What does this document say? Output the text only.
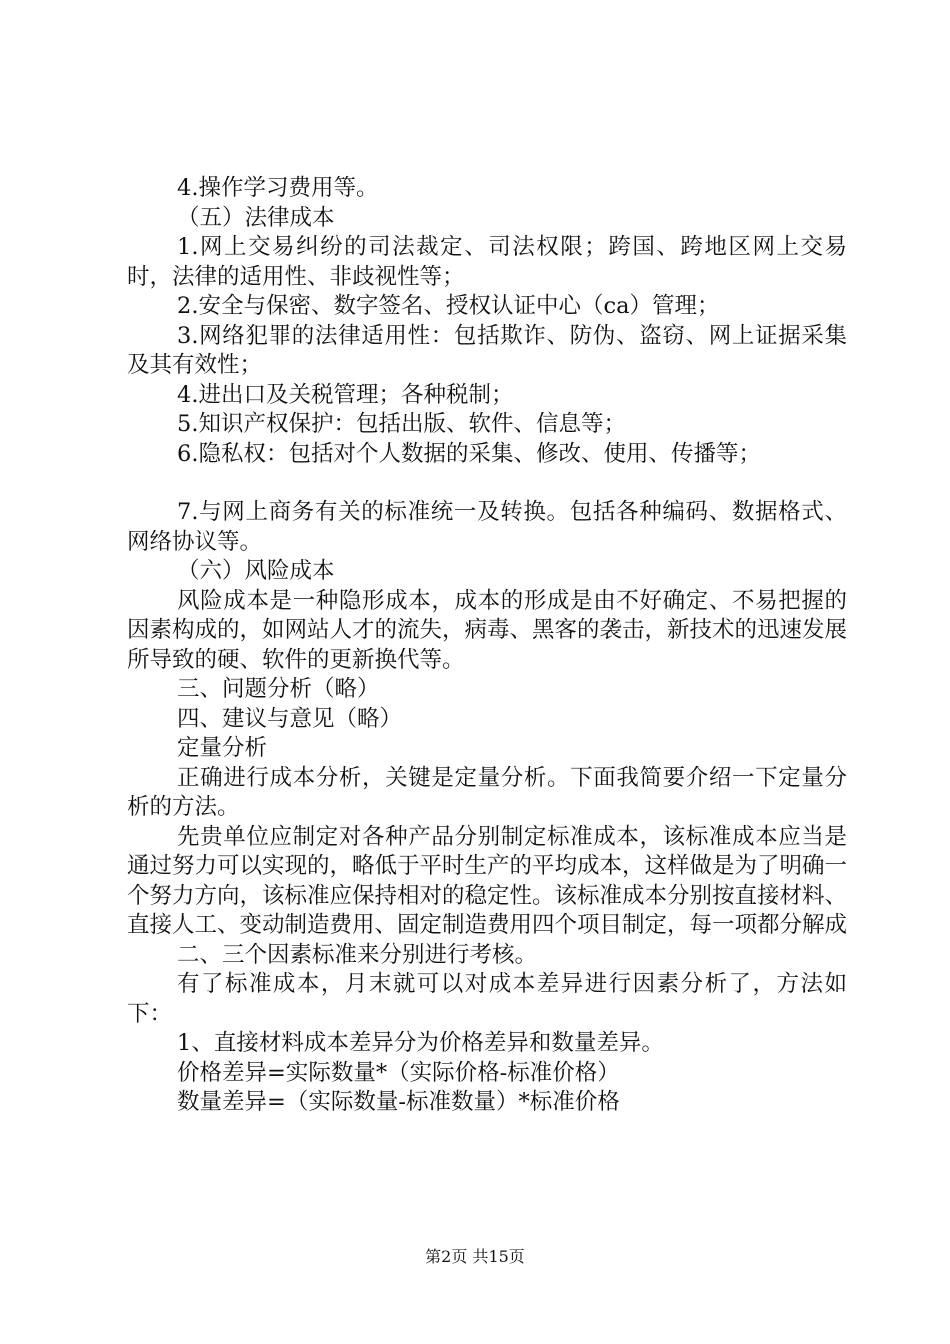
4.操作学习费用等。

（五）法律成本

1.网上交易纠纷的司法裁定、司法权限；跨国、跨地区网上交易时，法律的适用性、非歧视性等；

2.安全与保密、数字签名、授权认证中心（ca）管理；

3.网络犯罪的法律适用性：包括欺诈、防伪、盗窃、网上证据采集及其有效性；

4.进出口及关税管理；各种税制；

5.知识产权保护：包括出版、软件、信息等；

6.隐私权：包括对个人数据的采集、修改、使用、传播等；

7.与网上商务有关的标准统一及转换。包括各种编码、数据格式、网络协议等。

（六）风险成本

风险成本是一种隐形成本，成本的形成是由不好确定、不易把握的因素构成的，如网站人才的流失，病毒、黑客的袭击，新技术的迅速发展所导致的硬、软件的更新换代等。

三、问题分析（略）

四、建议与意见（略）

定量分析

正确进行成本分析，关键是定量分析。下面我简要介绍一下定量分析的方法。

先贵单位应制定对各种产品分别制定标准成本，该标准成本应当是通过努力可以实现的，略低于平时生产的平均成本，这样做是为了明确一个努力方向，该标准应保持相对的稳定性。该标准成本分别按直接材料、直接人工、变动制造费用、固定制造费用四个项目制定，每一项都分解成

二、三个因素标准来分别进行考核。

有了标准成本，月末就可以对成本差异进行因素分析了，方法如下：

1、直接材料成本差异分为价格差异和数量差异。

价格差异=实际数量*（实际价格-标准价格）

数量差异=（实际数量-标准数量）*标准价格

第2页 共15页
